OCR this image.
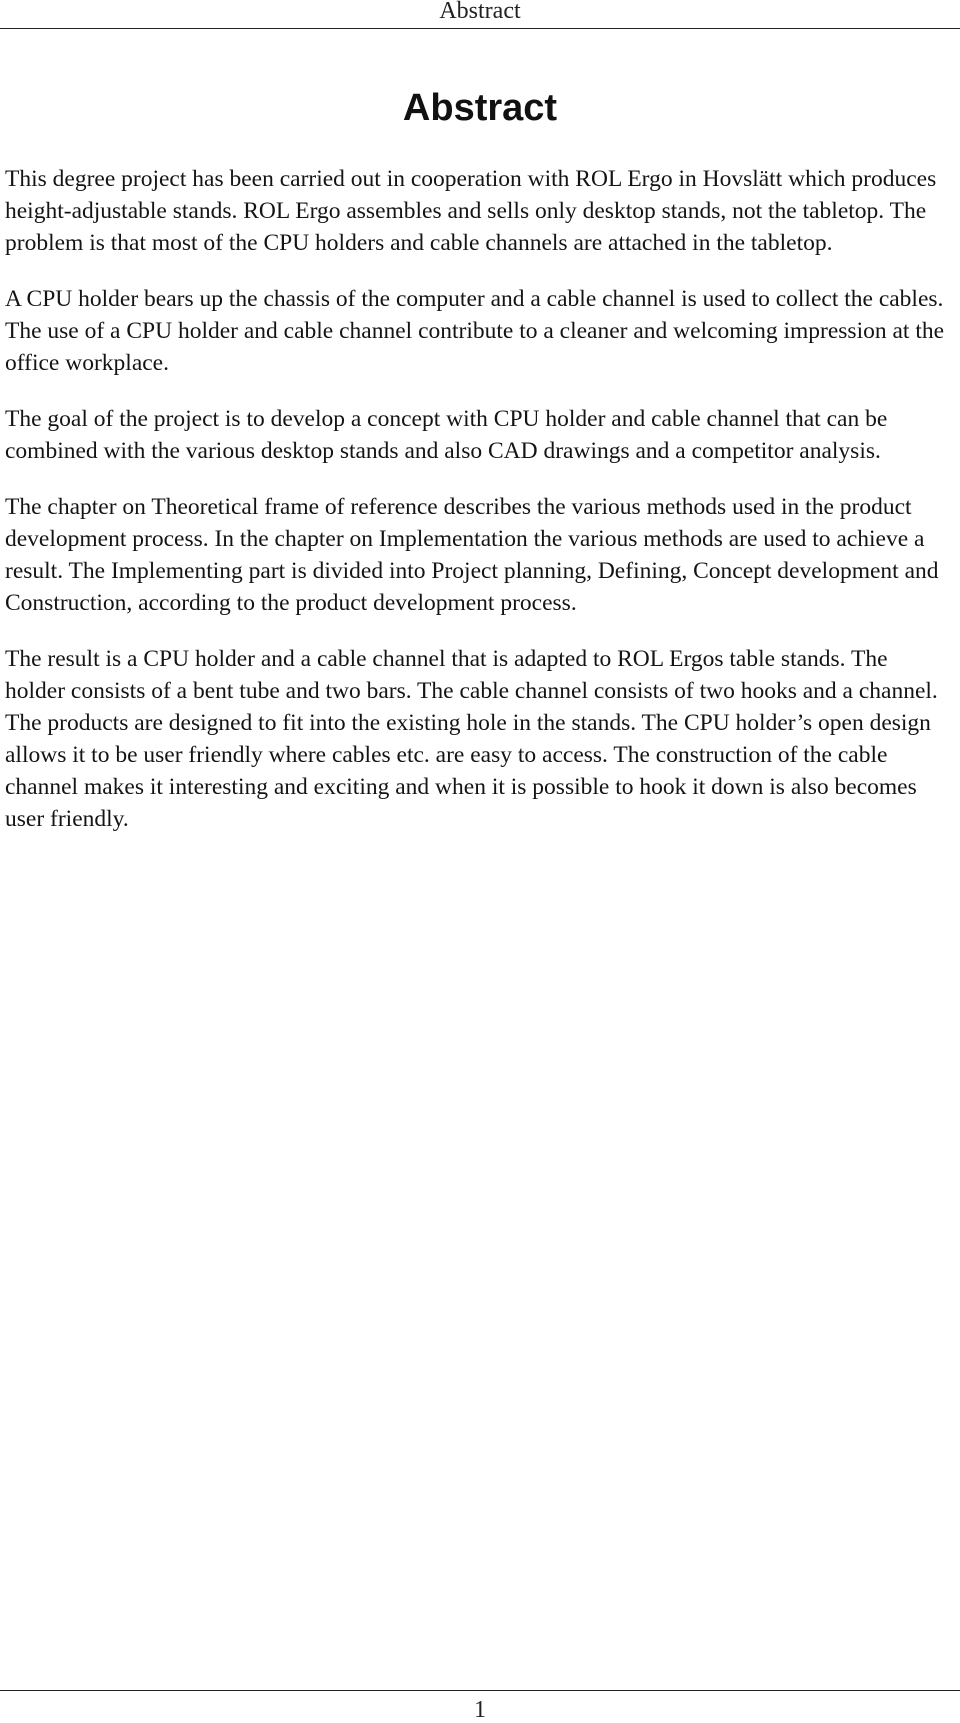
Abstract
Abstract

This degree project has been carried out in cooperation with ROL Ergo in Hovslätt which produces height-adjustable stands. ROL Ergo assembles and sells only desktop stands, not the tabletop. The problem is that most of the CPU holders and cable channels are attached in the tabletop.

A CPU holder bears up the chassis of the computer and a cable channel is used to collect the cables. The use of a CPU holder and cable channel contribute to a cleaner and welcoming impression at the office workplace.

The goal of the project is to develop a concept with CPU holder and cable channel that can be combined with the various desktop stands and also CAD drawings and a competitor analysis.

The chapter on Theoretical frame of reference describes the various methods used in the product development process. In the chapter on Implementation the various methods are used to achieve a result. The Implementing part is divided into Project planning, Defining, Concept development and Construction, according to the product development process.

The result is a CPU holder and a cable channel that is adapted to ROL Ergos table stands. The holder consists of a bent tube and two bars. The cable channel consists of two hooks and a channel. The products are designed to fit into the existing hole in the stands. The CPU holder’s open design allows it to be user friendly where cables etc. are easy to access. The construction of the cable channel makes it interesting and exciting and when it is possible to hook it down is also becomes user friendly.

1
